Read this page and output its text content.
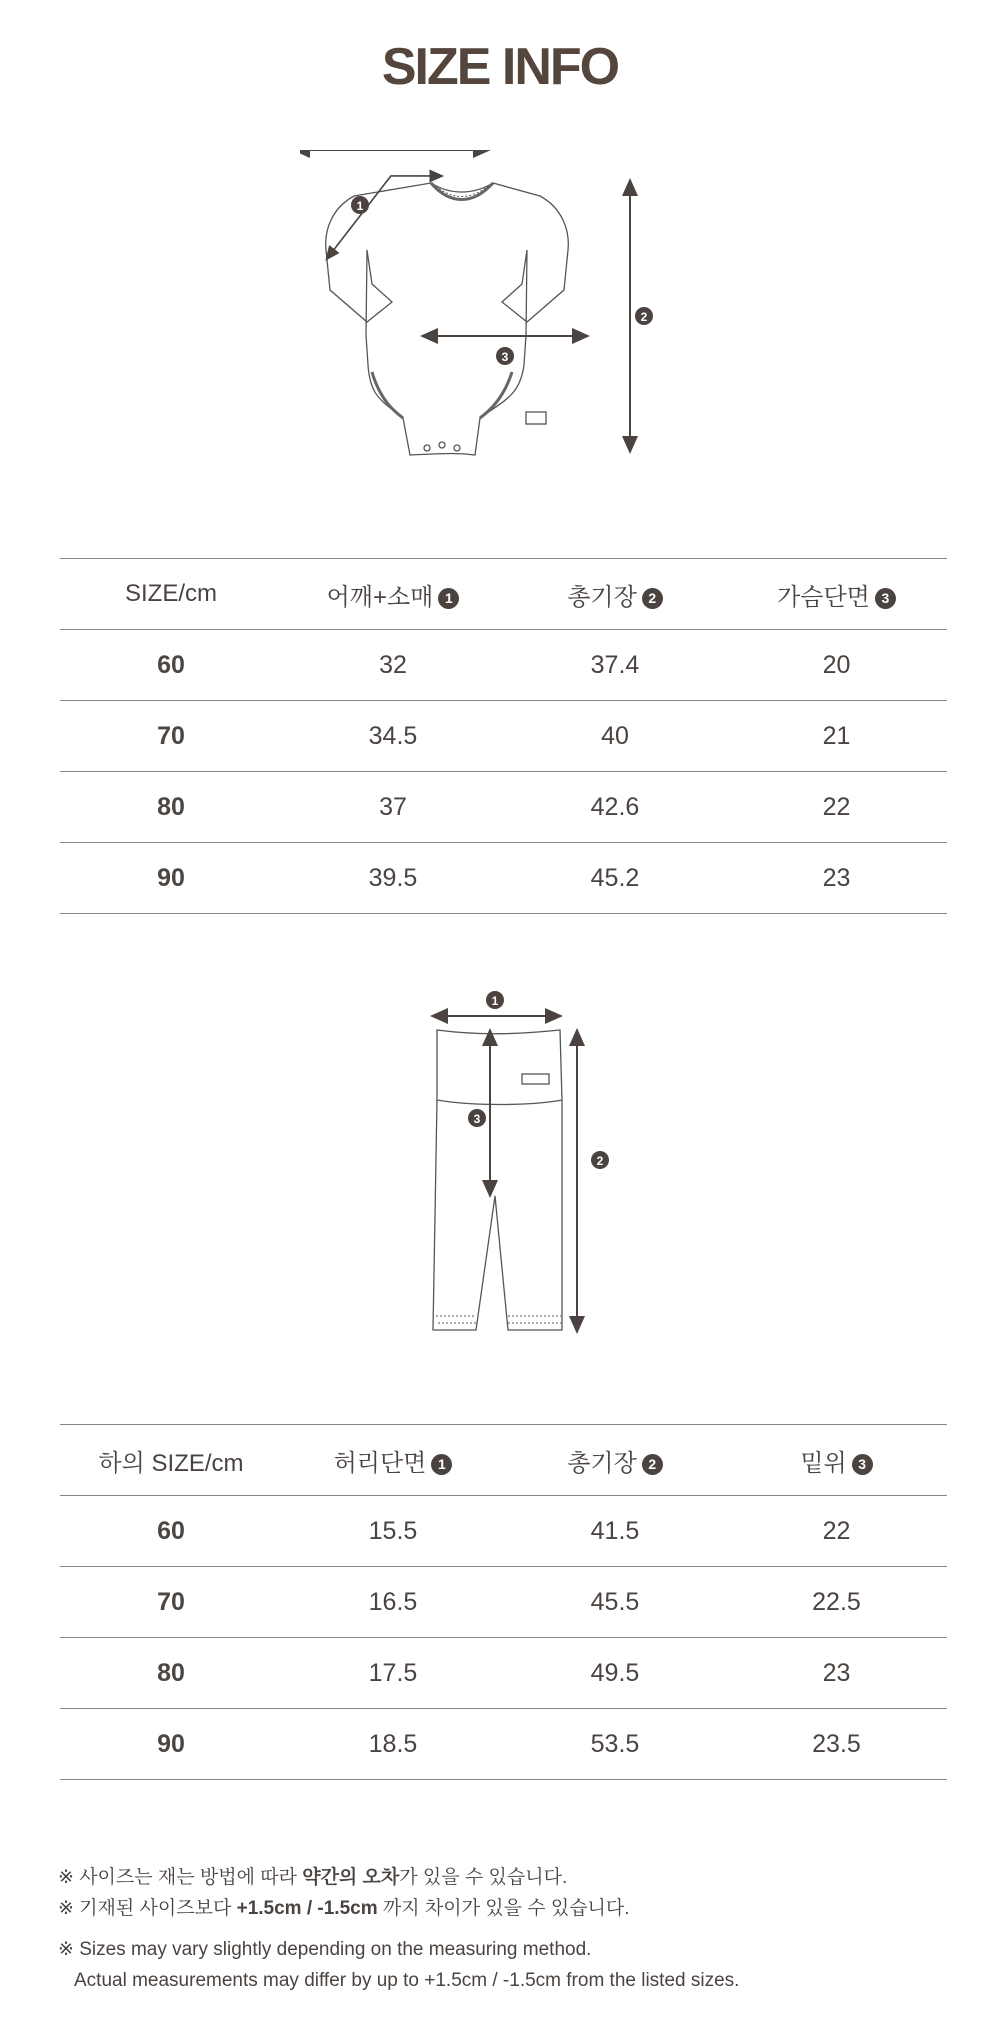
SIZE INFO
1
2
3
SIZE/cm	어깨+소매 1	총기장 2	가슴단면 3
60	32	37.4	20
70	34.5	40	21
80	37	42.6	22
90	39.5	45.2	23
1
2
3
하의 SIZE/cm	허리단면 1	총기장 2	밑위 3
60	15.5	41.5	22
70	16.5	45.5	22.5
80	17.5	49.5	23
90	18.5	53.5	23.5

※ 사이즈는 재는 방법에 따라 약간의 오차가 있을 수 있습니다.

※ 기재된 사이즈보다 +1.5cm / -1.5cm 까지 차이가 있을 수 있습니다.

※ Sizes may vary slightly depending on the measuring method.

Actual measurements may differ by up to +1.5cm / -1.5cm from the listed sizes.
